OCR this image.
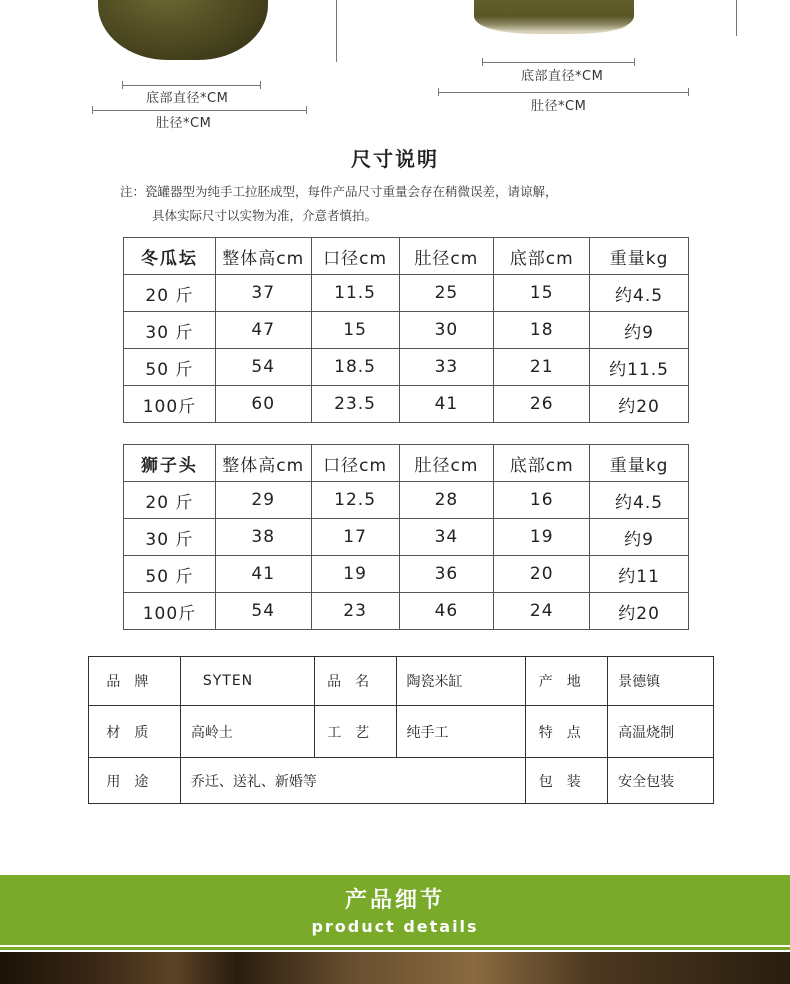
底部直径*CM
肚径*CM
底部直径*CM
肚径*CM
尺寸说明
注：瓷罐器型为纯手工拉胚成型，每件产品尺寸重量会存在稍微误差，请谅解，
具体实际尺寸以实物为准，介意者慎拍。
冬瓜坛	整体高cm	口径cm	肚径cm	底部cm	重量kg
20 斤	37	11.5	25	15	约4.5
30 斤	47	15	30	18	约9
50 斤	54	18.5	33	21	约11.5
100斤	60	23.5	41	26	约20
狮子头	整体高cm	口径cm	肚径cm	底部cm	重量kg
20 斤	29	12.5	28	16	约4.5
30 斤	38	17	34	19	约9
50 斤	41	19	36	20	约11
100斤	54	23	46	24	约20
品牌	SYTEN	品名	陶瓷米缸	产地	景德镇
材质	高岭土	工艺	纯手工	特点	高温烧制
用途	乔迁、送礼、新婚等			包装	安全包装
产品细节
product details
